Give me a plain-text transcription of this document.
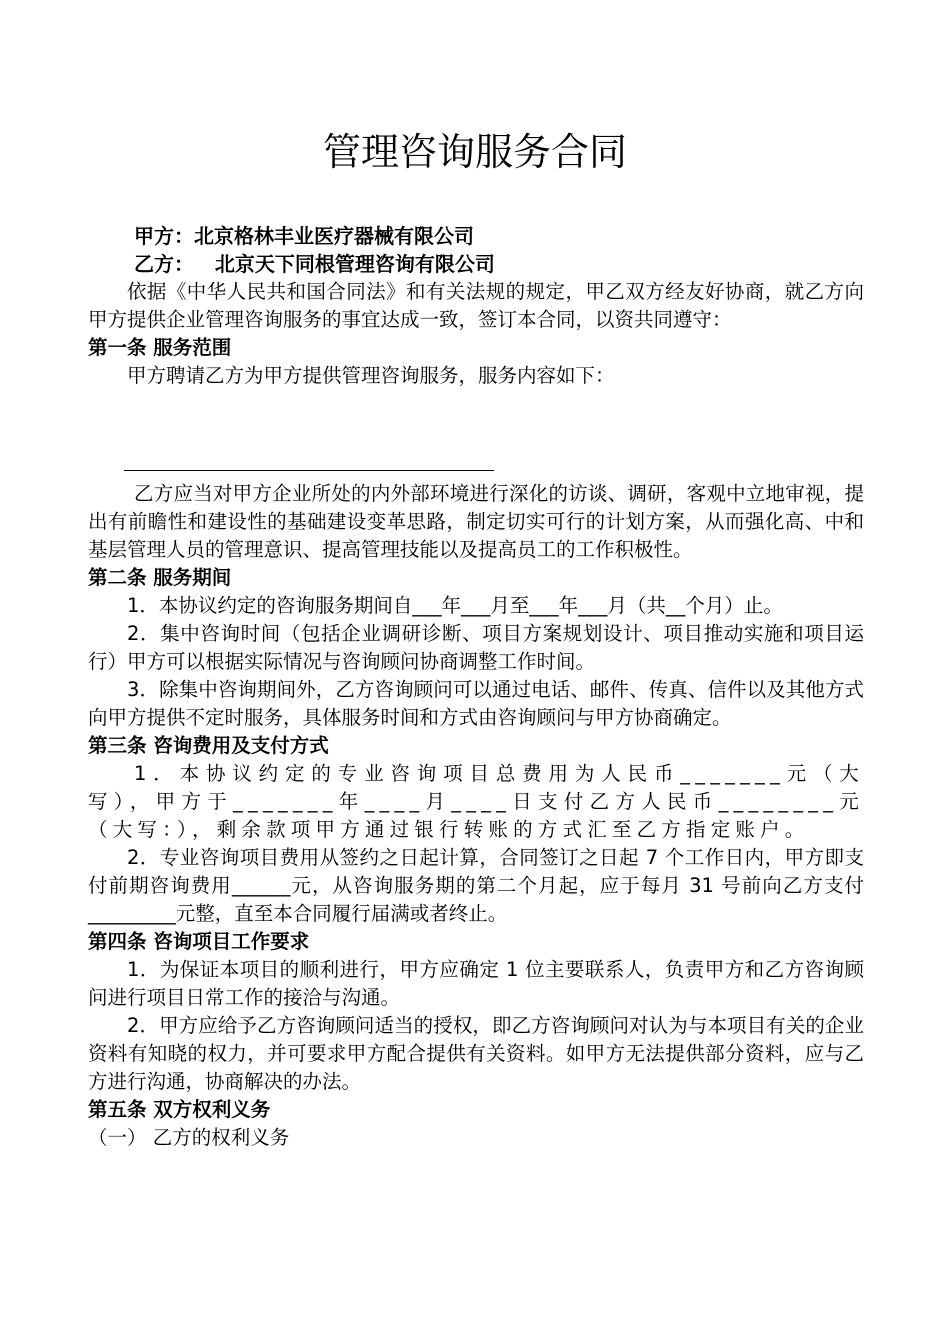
管理咨询服务合同
甲方：北京格林丰业医疗器械有限公司
乙方：   北京天下同根管理咨询有限公司

依据《中华人民共和国合同法》和有关法规的规定，甲乙双方经友好协商，就乙方向甲方提供企业管理咨询服务的事宜达成一致，签订本合同，以资共同遵守：

第一条 服务范围

甲方聘请乙方为甲方提供管理咨询服务，服务内容如下：

乙方应当对甲方企业所处的内外部环境进行深化的访谈、调研，客观中立地审视，提出有前瞻性和建设性的基础建设变革思路，制定切实可行的计划方案，从而强化高、中和基层管理人员的管理意识、提高管理技能以及提高员工的工作积极性。

第二条 服务期间

1．本协议约定的咨询服务期间自___年___月至___年___月（共__个月）止。

2．集中咨询时间（包括企业调研诊断、项目方案规划设计、项目推动实施和项目运行）甲方可以根据实际情况与咨询顾问协商调整工作时间。

3．除集中咨询期间外，乙方咨询顾问可以通过电话、邮件、传真、信件以及其他方式向甲方提供不定时服务，具体服务时间和方式由咨询顾问与甲方协商确定。

第三条 咨询费用及支付方式

1．本协议约定的专业咨询项目总费用为人民币_______元（大写），甲方于_______年____月____日支付乙方人民币________元（大写：），剩余款项甲方通过银行转账的方式汇至乙方指定账户。

2．专业咨询项目费用从签约之日起计算，合同签订之日起 7 个工作日内，甲方即支付前期咨询费用______元，从咨询服务期的第二个月起，应于每月 31 号前向乙方支付_________元整，直至本合同履行届满或者终止。

第四条 咨询项目工作要求

1．为保证本项目的顺利进行，甲方应确定 1 位主要联系人，负责甲方和乙方咨询顾问进行项目日常工作的接洽与沟通。

2．甲方应给予乙方咨询顾问适当的授权，即乙方咨询顾问对认为与本项目有关的企业资料有知晓的权力，并可要求甲方配合提供有关资料。如甲方无法提供部分资料，应与乙方进行沟通，协商解决的办法。

第五条 双方权利义务

（一） 乙方的权利义务
